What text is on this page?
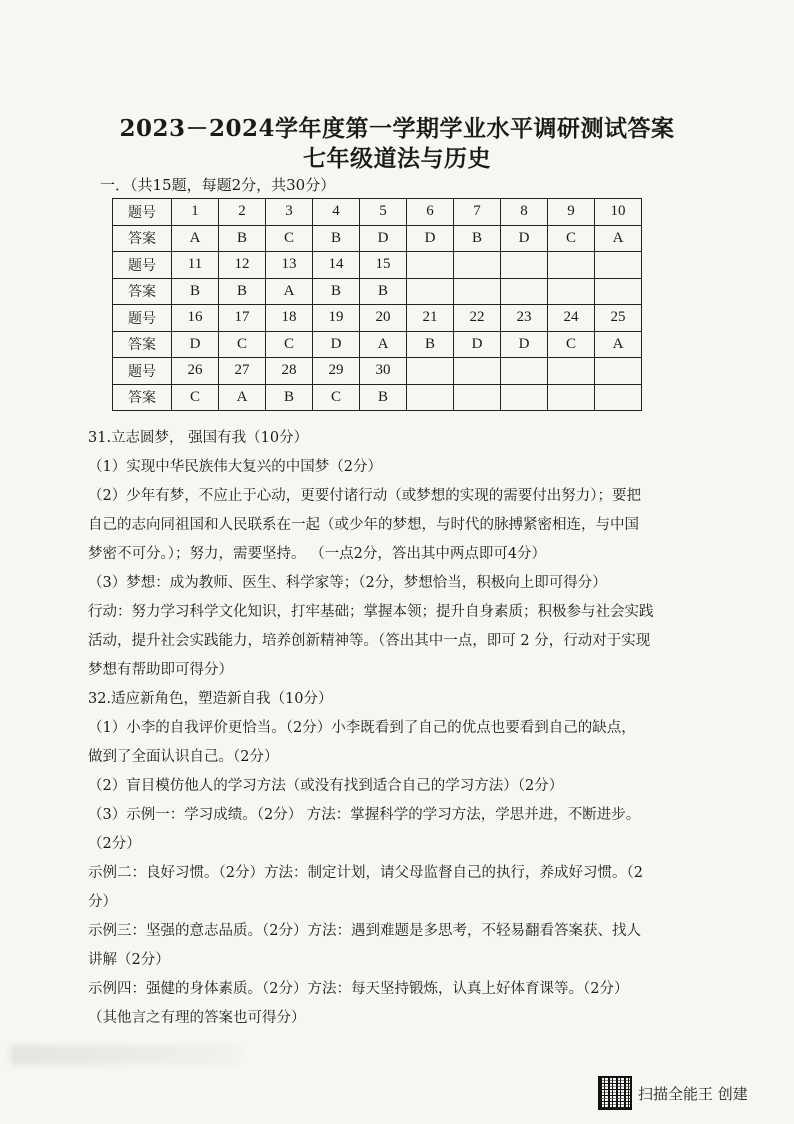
2023－2024学年度第一学期学业水平调研测试答案
七年级道法与历史
一．（共15题，每题2分，共30分）
题号	1	2	3	4	5	6	7	8	9	10
答案	A	B	C	B	D	D	B	D	C	A
题号	11	12	13	14	15					
答案	B	B	A	B	B					
题号	16	17	18	19	20	21	22	23	24	25
答案	D	C	C	D	A	B	D	D	C	A
题号	26	27	28	29	30					
答案	C	A	B	C	B					
31.立志圆梦， 强国有我（10分）
（1）实现中华民族伟大复兴的中国梦（2分）
（2）少年有梦，不应止于心动，更要付诸行动（或梦想的实现的需要付出努力）；要把
自己的志向同祖国和人民联系在一起（或少年的梦想，与时代的脉搏紧密相连，与中国
梦密不可分。）；努力，需要坚持。 （一点2分，答出其中两点即可4分）
（3）梦想：成为教师、医生、科学家等；（2分，梦想恰当，积极向上即可得分）
行动：努力学习科学文化知识，打牢基础；掌握本领；提升自身素质；积极参与社会实践
活动，提升社会实践能力，培养创新精神等。（答出其中一点，即可 2 分，行动对于实现
梦想有帮助即可得分）
32.适应新角色，塑造新自我（10分）
（1）小李的自我评价更恰当。（2分）小李既看到了自己的优点也要看到自己的缺点，
做到了全面认识自己。（2分）
（2）盲目模仿他人的学习方法（或没有找到适合自己的学习方法）（2分）
（3）示例一：学习成绩。（2分） 方法：掌握科学的学习方法，学思并进，不断进步。
（2分）
示例二：良好习惯。（2分）方法：制定计划，请父母监督自己的执行，养成好习惯。（2
分）
示例三：坚强的意志品质。（2分）方法：遇到难题是多思考，不轻易翻看答案获、找人
讲解（2分）
示例四：强健的身体素质。（2分）方法：每天坚持锻炼，认真上好体育课等。（2分）
（其他言之有理的答案也可得分）
扫描全能王 创建
